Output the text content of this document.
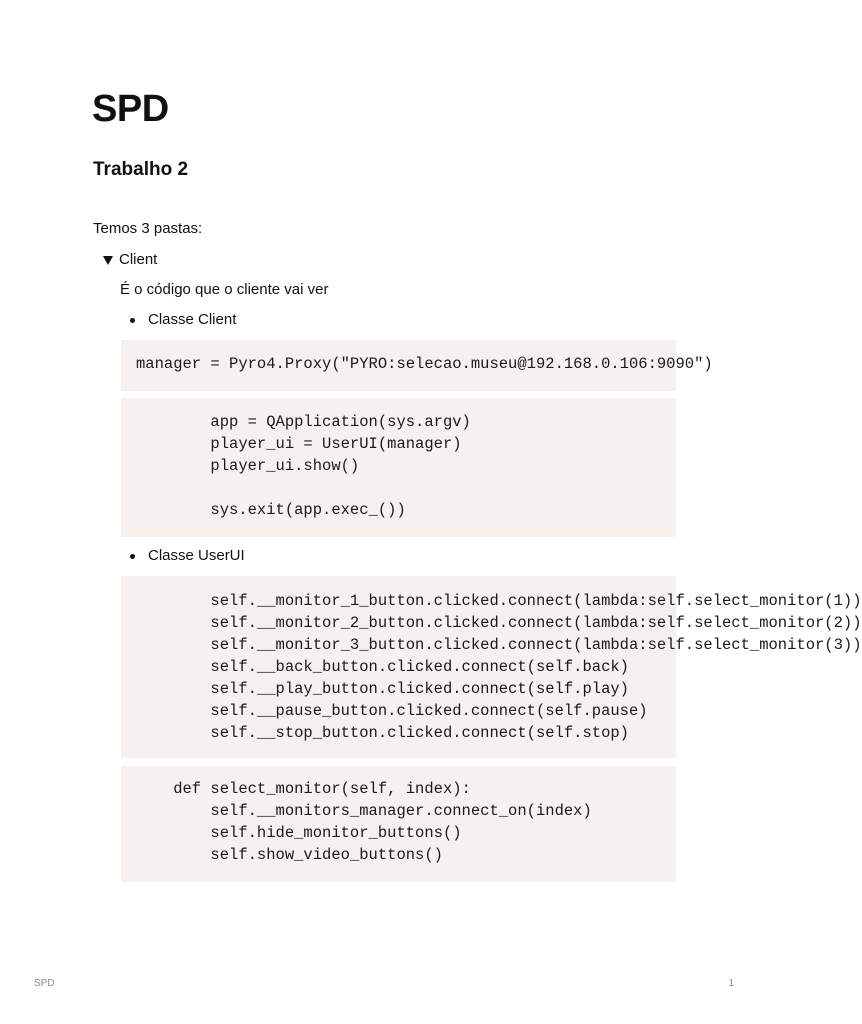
SPD
Trabalho 2

Temos 3 pastas:

Client

É o código que o cliente vai ver

Classe Client
manager = Pyro4.Proxy("PYRO:selecao.museu@192.168.0.106:9090")
app = QApplication(sys.argv)
player_ui = UserUI(manager)
player_ui.show()

sys.exit(app.exec_())
Classe UserUI
self.__monitor_1_button.clicked.connect(lambda:self.select_monitor(1))
self.__monitor_2_button.clicked.connect(lambda:self.select_monitor(2))
self.__monitor_3_button.clicked.connect(lambda:self.select_monitor(3))
self.__back_button.clicked.connect(self.back)
self.__play_button.clicked.connect(self.play)
self.__pause_button.clicked.connect(self.pause)
self.__stop_button.clicked.connect(self.stop)
def select_monitor(self, index):
self.__monitors_manager.connect_on(index)
self.hide_monitor_buttons()
self.show_video_buttons()
SPD	1
